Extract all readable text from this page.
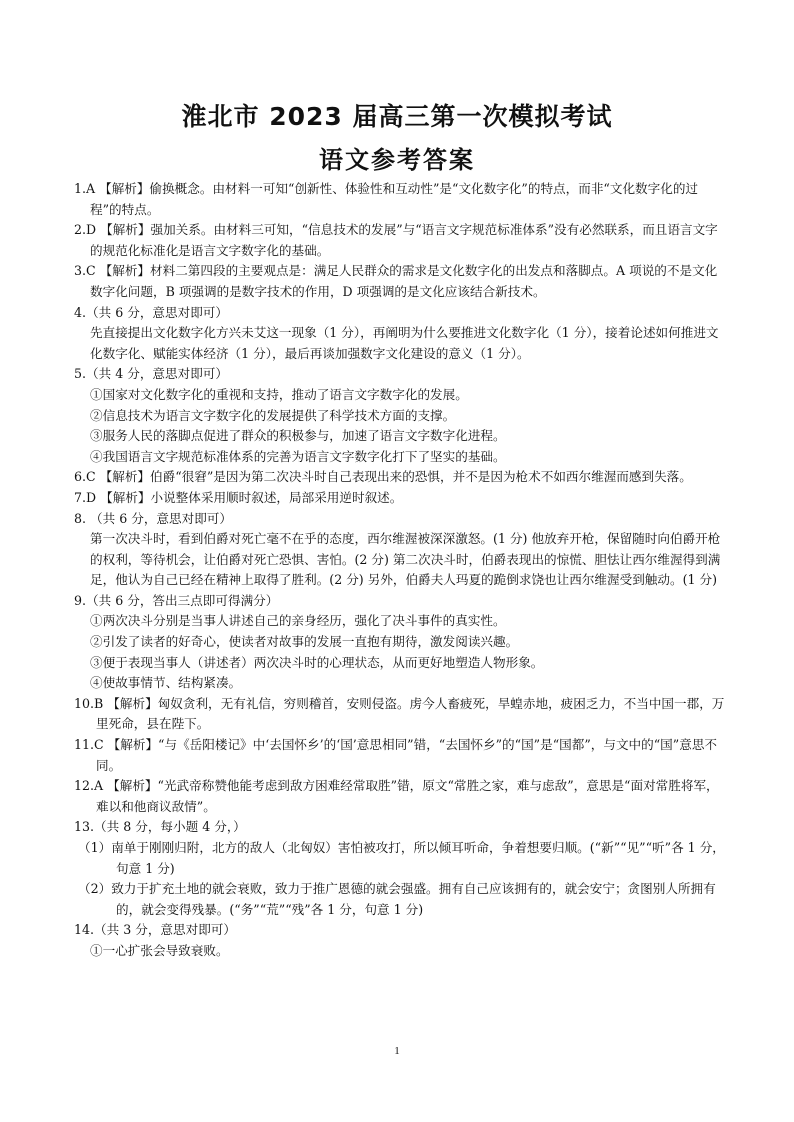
淮北市 2023 届高三第一次模拟考试
语文参考答案

1.A 【解析】偷换概念。由材料一可知“创新性、体验性和互动性”是“文化数字化”的特点，而非“文化数字化的过程”的特点。

2.D 【解析】强加关系。由材料三可知，“信息技术的发展”与“语言文字规范标准体系”没有必然联系，而且语言文字的规范化标准化是语言文字数字化的基础。

3.C 【解析】材料二第四段的主要观点是：满足人民群众的需求是文化数字化的出发点和落脚点。A 项说的不是文化数字化问题，B 项强调的是数字技术的作用，D 项强调的是文化应该结合新技术。

4.（共 6 分，意思对即可）

先直接提出文化数字化方兴未艾这一现象（1 分），再阐明为什么要推进文化数字化（1 分），接着论述如何推进文化数字化、赋能实体经济（1 分），最后再谈加强数字文化建设的意义（1 分）。

5.（共 4 分，意思对即可）

①国家对文化数字化的重视和支持，推动了语言文字数字化的发展。

②信息技术为语言文字数字化的发展提供了科学技术方面的支撑。

③服务人民的落脚点促进了群众的积极参与，加速了语言文字数字化进程。

④我国语言文字规范标准体系的完善为语言文字数字化打下了坚实的基础。

6.C 【解析】伯爵“很窘”是因为第二次决斗时自己表现出来的恐惧，并不是因为枪术不如西尔维渥而感到失落。

7.D 【解析】小说整体采用顺时叙述，局部采用逆时叙述。

8. （共 6 分，意思对即可）

第一次决斗时，看到伯爵对死亡毫不在乎的态度，西尔维渥被深深激怒。(1 分) 他放弃开枪，保留随时向伯爵开枪的权利，等待机会，让伯爵对死亡恐惧、害怕。(2 分) 第二次决斗时，伯爵表现出的惊慌、胆怯让西尔维渥得到满足，他认为自己已经在精神上取得了胜利。(2 分) 另外，伯爵夫人玛夏的跪倒求饶也让西尔维渥受到触动。(1 分)

9.（共 6 分，答出三点即可得满分）

①两次决斗分别是当事人讲述自己的亲身经历，强化了决斗事件的真实性。

②引发了读者的好奇心，使读者对故事的发展一直抱有期待，激发阅读兴趣。

③便于表现当事人（讲述者）两次决斗时的心理状态，从而更好地塑造人物形象。

④使故事情节、结构紧凑。

10.B 【解析】匈奴贪利，无有礼信，穷则稽首，安则侵盗。虏今人畜疲死，旱蝗赤地，疲困乏力，不当中国一郡，万里死命，县在陛下。

11.C 【解析】“与《岳阳楼记》中‘去国怀乡’的‘国’意思相同”错，“去国怀乡”的“国”是“国都”，与文中的“国”意思不同。

12.A 【解析】“光武帝称赞他能考虑到敌方困难经常取胜”错，原文“常胜之家，难与虑敌”，意思是“面对常胜将军，难以和他商议敌情”。

13.（共 8 分，每小题 4 分，）

（1）南单于刚刚归附，北方的敌人（北匈奴）害怕被攻打，所以倾耳听命，争着想要归顺。(“新”“见”“听”各 1 分，句意 1 分)

（2）致力于扩充土地的就会衰败，致力于推广恩德的就会强盛。拥有自己应该拥有的，就会安宁；贪图别人所拥有的，就会变得残暴。(“务”“荒”“残”各 1 分，句意 1 分)

14.（共 3 分，意思对即可）

①一心扩张会导致衰败。

1
